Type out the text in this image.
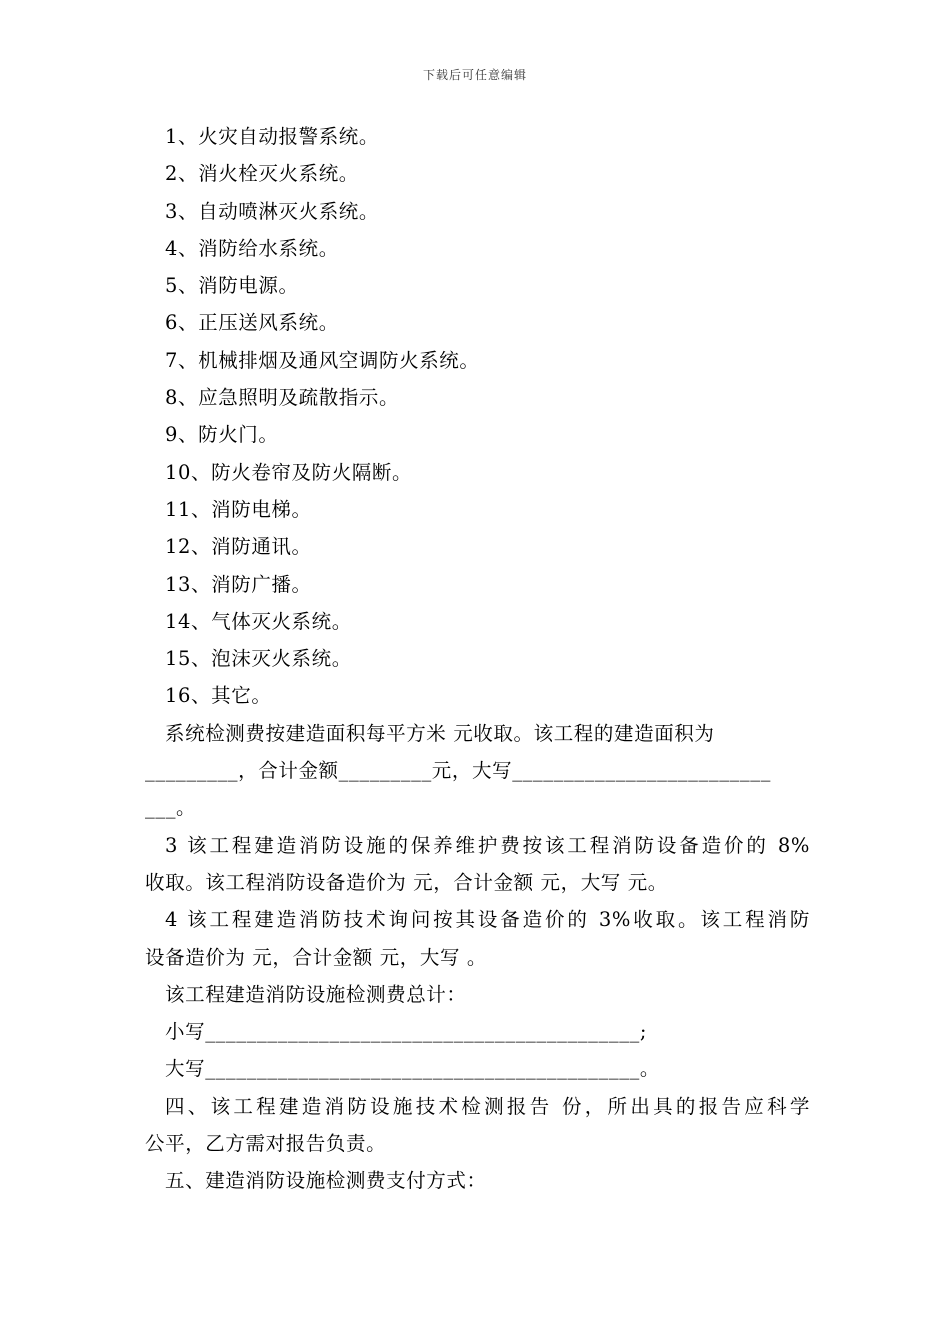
下载后可任意编辑
1、火灾自动报警系统。
2、消火栓灭火系统。
3、自动喷淋灭火系统。
4、消防给水系统。
5、消防电源。
6、正压送风系统。
7、机械排烟及通风空调防火系统。
8、应急照明及疏散指示。
9、防火门。
10、防火卷帘及防火隔断。
11、消防电梯。
12、消防通讯。
13、消防广播。
14、气体灭火系统。
15、泡沫灭火系统。
16、其它。
系统检测费按建造面积每平方米 元收取。该工程的建造面积为
_________，合计金额_________元，大写_________________________
___。
3 该工程建造消防设施的保养维护费按该工程消防设备造价的 8%
收取。该工程消防设备造价为 元，合计金额 元，大写 元。
4 该工程建造消防技术询问按其设备造价的 3%收取。该工程消防
设备造价为 元，合计金额 元，大写 。
该工程建造消防设施检测费总计：
小写__________________________________________;
大写__________________________________________。
四、该工程建造消防设施技术检测报告 份，所出具的报告应科学
公平，乙方需对报告负责。
五、建造消防设施检测费支付方式：
